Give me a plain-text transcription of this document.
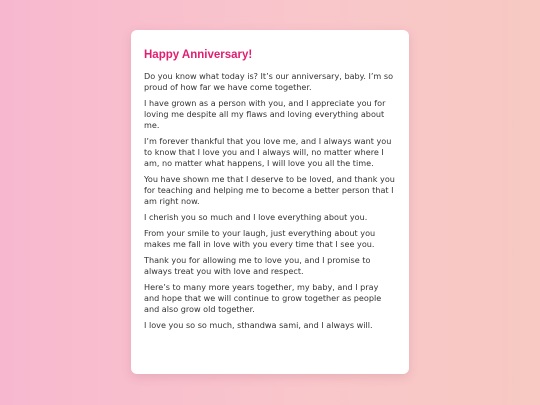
Happy Anniversary!

Do you know what today is? It’s our anniversary, baby. I’m so proud of how far we have come together.

I have grown as a person with you, and I appreciate you for loving me despite all my flaws and loving everything about me.

I’m forever thankful that you love me, and I always want you to know that I love you and I always will, no matter where I am, no matter what happens, I will love you all the time.

You have shown me that I deserve to be loved, and thank you for teaching and helping me to become a better person that I am right now.

I cherish you so much and I love everything about you.

From your smile to your laugh, just everything about you makes me fall in love with you every time that I see you.

Thank you for allowing me to love you, and I promise to always treat you with love and respect.

Here’s to many more years together, my baby, and I pray and hope that we will continue to grow together as people and also grow old together.

I love you so so much, sthandwa sami, and I always will.
